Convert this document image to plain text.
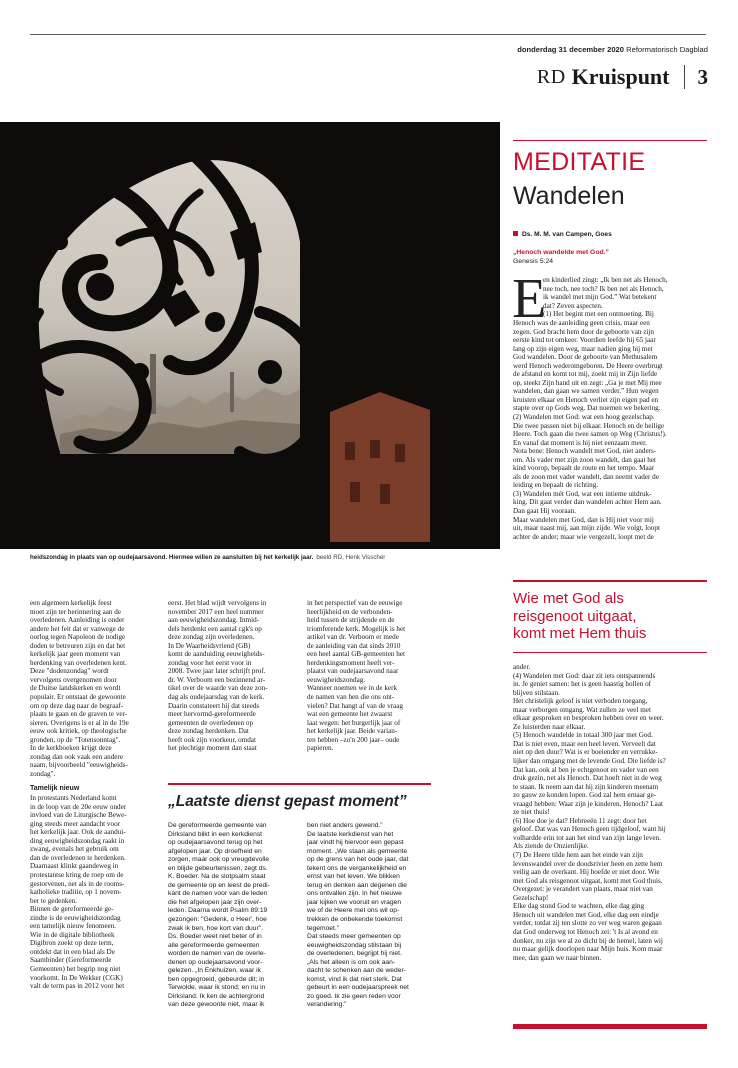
donderdag 31 december 2020 Reformatorisch Dagblad
RD Kruispunt 3
heidszondag in plaats van op oudejaarsavond. Hiermee willen ze aansluiten bij het kerkelijk jaar. beeld RD, Henk Visscher
MEDITATIE
Wandelen
Ds. M. M. van Campen, Goes
„Henoch wandelde met God.”
Genesis 5:24
E

en kinderlied zingt: „Ik ben net als Henoch,

nee toch, nee toch? Ik ben net als Henoch,

ik wandel met mijn God.” Wat betekent

dat? Zeven aspecten.

(1) Het begint met een ontmoeting. Bij

Henoch was de aanleiding geen crisis, maar een

zegen. God bracht hem door de geboorte van zijn

eerste kind tot omkeer. Voordien leefde hij 65 jaar

lang op zijn eigen weg, maar nadien ging hij met

God wandelen. Door de geboorte van Methusalem

werd Henoch wederomgeboren. De Heere overbrugt

de afstand en komt tot mij, zoekt mij in Zijn liefde

op, steekt Zijn hand uit en zegt: „Ga je met Mij mee

wandelen, dan gaan we samen verder.” Hun wegen

kruisten elkaar en Henoch verliet zijn eigen pad en

stapte over op Gods weg. Dat noemen we bekering.

(2) Wandelen met God: wat een hoog gezelschap.

Die twee passen niet bij elkaar. Henoch en de heilige

Heere. Toch gaan die twee samen op Weg (Christus!).

En vanaf dat moment is hij niet eenzaam meer.

Nota bene: Henoch wandelt met God, niet anders-

om. Als vader met zijn zoon wandelt, dan gaat het

kind voorop, bepaalt de route en het tempo. Maar

als de zoon met vader wandelt, dan neemt vader de

leiding en bepaalt de richting.

(3) Wandelen mét God, wat een intieme uitdruk-

king. Dit gaat verder dan wandelen achter Hem aan.

Dan gaat Hij vooraan.

Maar wandelen met God, dan is Hij niet voor mij

uit, maar naast mij, aan mijn zijde. Wie volgt, loopt

achter de ander; maar wie vergezelt, loopt met de

Wie met God als
reisgenoot uitgaat,
komt met Hem thuis

ander.

(4) Wandelen met God: daar zit iets ontspannends

in. Je geniet samen: het is geen haastig hollen of

blijven stilstaan.

Het christelijk geloof is niet verboden toegang,

maar verborgen omgang. Wat zullen ze veel met

elkaar gesproken en besproken hebben over en weer.

Ze luisterden naar elkaar.

(5) Henoch wandelde in totaal 300 jaar met God.

Dat is niet even, maar een heel leven. Verveelt dat

niet op den duur? Wat is er boeiender en verrukke-

lijker dan omgang met de levende God. Die liefde is?

Dat kan, ook al ben je echtgenoot en vader van een

druk gezin, net als Henoch. Dat hoeft niet in de weg

te staan. Ik neem aan dat hij zijn kinderen meenam

zo gauw ze konden lopen. God zal hem ernaar ge-

vraagd hebben: Waar zijn je kinderen, Henoch? Laat

ze niet thuis!

(6) Hoe doe je dat? Hebreeën 11 zegt: door het

geloof. Dat was van Henoch geen tijdgeloof, want hij

volhardde erin tot aan het eind van zijn lange leven.

Als ziende de Onzienlijke.

(7) De Heere tilde hem aan het einde van zijn

levenswandel over de doodsrivier heen en zette hem

veilig aan de overkant. Hij hoefde er niet door. Wie

met God als reisgenoot uitgaat, komt met God thuis.

Overgezet: je verandert van plaats, maar niet van

Gezelschap!

Elke dag stond God te wachten, elke dag ging

Henoch uit wandelen met God, elke dag een eindje

verder, totdat zij ten slotte zo ver weg waren gegaan

dat God onderweg tot Henoch zei: 't Is al avond en

donker, nu zijn we al zo dicht bij de hemel, laten wij

nu maar gelijk doorlopen naar Mijn huis. Kom maar

mee, dan gaan we naar binnen.

een algemeen kerkelijk feest

moet zijn ter herinnering aan de

overledenen. Aanleiding is onder

andere het feit dat er vanwege de

oorlog tegen Napoleon de nodige

doden te betreuren zijn en dat het

kerkelijk jaar geen moment van

herdenking van overledenen kent.

Deze "dodenzondag" wordt

vervolgens overgenomen door

de Duitse landskerken en wordt

populair. Er ontstaat de gewoonte

om op deze dag naar de begraaf-

plaats te gaan en de graven te ver-

sieren. Overigens is er al in de 19e

eeuw ook kritiek, op theologische

gronden, op de "Totensonntag".

In de kerkboeken krijgt deze

zondag dan ook vaak een andere

naam, bijvoorbeeld "eeuwigheids-

zondag".

Tamelijk nieuw

In protestants Nederland komt

in de loop van de 20e eeuw onder

invloed van de Liturgische Bewe-

ging steeds meer aandacht voor

het kerkelijk jaar. Ook de aandui-

ding eeuwigheidszondag raakt in

zwang, evenals het gebruik om

dan de overledenen te herdenken.

Daarnaast klinkt gaandeweg in

protestantse kring de roep om de

gestorvenen, net als in de rooms-

katholieke traditie, op 1 novem-

ber te gedenken.

Binnen de gereformeerde ge-

zindte is de eeuwigheidszondag

een tamelijk nieuw fenomeen.

Wie in de digitale bibliotheek

Digibron zoekt op deze term,

ontdekt dat in een blad als De

Saambinder (Gereformeerde

Gemeenten) het begrip nog niet

voorkomt. In De Wekker (CGK)

valt de term pas in 2012 voor het

eerst. Het blad wijdt vervolgens in

november 2017 een heel nummer

aan eeuwigheidszondag. Inmid-

dels herdenkt een aantal cgk's op

deze zondag zijn overledenen.

In De Waarheidsvriend (GB)

komt de aanduiding eeuwigheids-

zondag voor het eerst voor in

2008. Twee jaar later schrijft prof.

dr. W. Verboom een bezinnend ar-

tikel over de waarde van deze zon-

dag als oudejaarsdag van de kerk.

Daarin constateert hij dat steeds

meer hervormd-gereformeerde

gemeenten de overledenen op

deze zondag herdenken. Dat

heeft ook zijn voorkeur, omdat

het plechtige moment dan staat

in het perspectief van de eeuwige

heerlijkheid en de verbonden-

heid tussen de strijdende en de

triomferende kerk. Mogelijk is het

artikel van dr. Verboom er mede

de aanleiding van dat sinds 2010

een heel aantal GB-gemeenten het

herdenkingsmoment heeft ver-

plaatst van oudejaarsavond naar

eeuwigheidszondag.

Wanneer noemen we in de kerk

de namen van hen die ons ont-

vielen? Dat hangt af van de vraag

wat een gemeente het zwaarst

laat wegen: het burgerlijk jaar of

het kerkelijk jaar. Beide varian-

ten hebben –zo'n 200 jaar– oude

papieren.

„Laatste dienst gepast moment”

De gereformeerde gemeente van

Dirksland blikt in een kerkdienst

op oudejaarsavond terug op het

afgelopen jaar. Op droefheid en

zorgen, maar ook op vreugdevolle

en blijde gebeurtenissen, zegt ds.

K. Boeder. Na de slotpsalm staat

de gemeente op en leest de predi-

kant de namen voor van de leden

die het afgelopen jaar zijn over-

leden. Daarna wordt Psalm 89:19

gezongen: "Gedenk, o Heer', hoe

zwak ik ben, hoe kort van duur".

Ds. Boeder weet niet beter of in

alle gereformeerde gemeenten

worden de namen van de overle-

denen op oudejaarsavond voor-

gelezen. „In Enkhuizen, waar ik

ben opgegroeid, gebeurde dit; in

Terwolde, waar ik stond; en nu in

Dirksland. Ik ken de achtergrond

van deze gewoonte niet, maar ik

ben niet anders gewend.”

De laatste kerkdienst van het

jaar vindt hij hiervoor een gepast

moment. „We staan als gemeente

op de grens van het oude jaar, dat

tekent ons de vergankelijkheid en

ernst van het leven. We blikken

terug en denken aan degenen die

ons ontvallen zijn. In het nieuwe

jaar kijken we vooruit en vragen

we of de Heere met ons wil op-

trekken de onbekende toekomst

tegemoet.”

Dat steeds meer gemeenten op

eeuwigheidszondag stilstaan bij

de overledenen, begrijpt hij niet.

„Als het alleen is om ook aan-

dacht te schenken aan de weder-

komst, vind ik dat niet sterk. Dat

gebeurt in een oudejaarspreek net

zo goed. Ik zie geen reden voor

verandering.”
